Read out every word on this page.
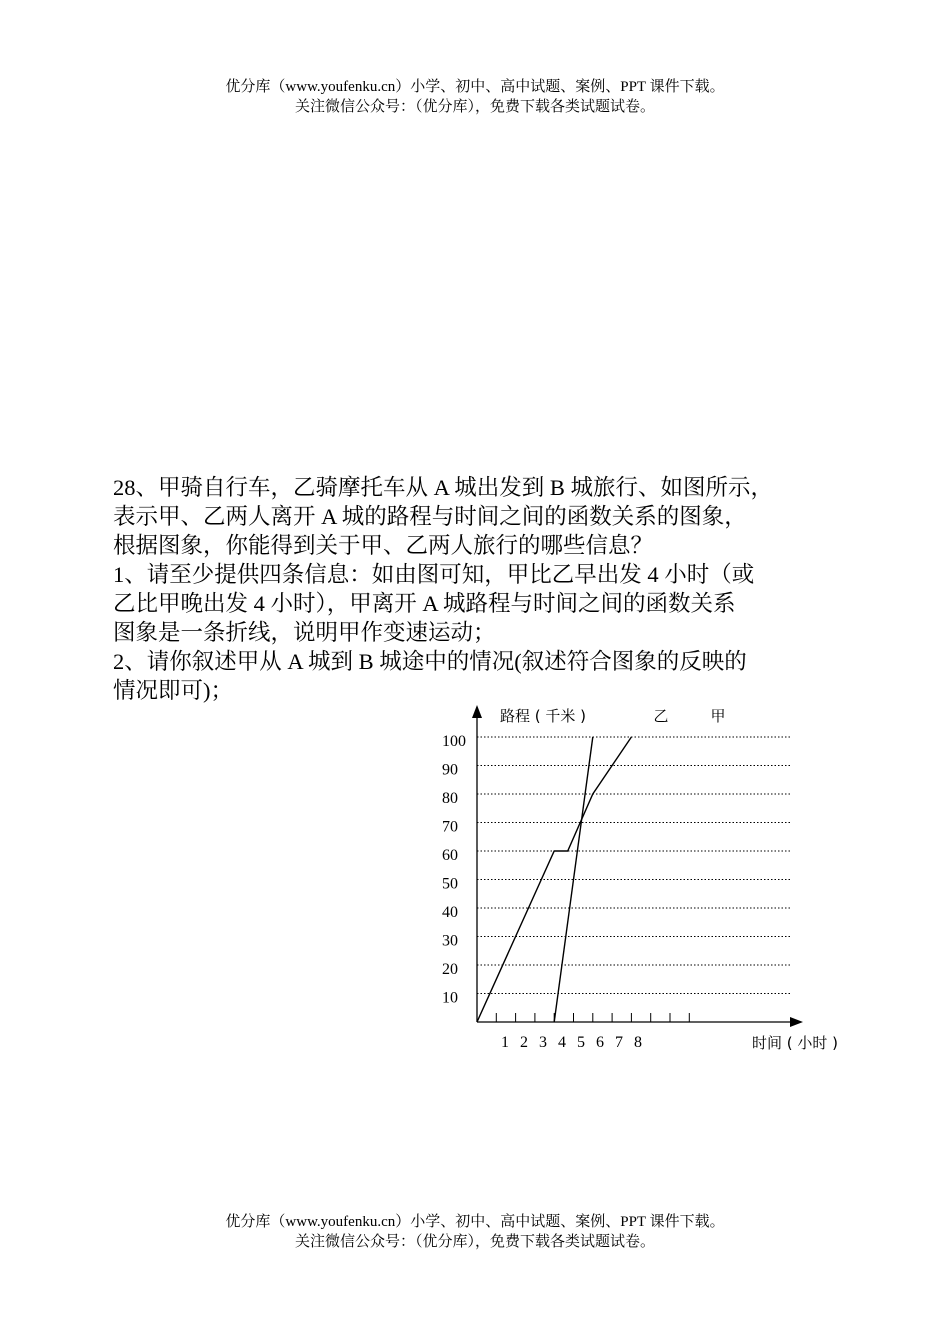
优分库（www.youfenku.cn）小学、初中、高中试题、案例、PPT 课件下载。
关注微信公众号：（优分库），免费下载各类试题试卷。

28、甲骑自行车，乙骑摩托车从 A 城出发到 B 城旅行、如图所示，

表示甲、乙两人离开 A 城的路程与时间之间的函数关系的图象，

根据图象，你能得到关于甲、乙两人旅行的哪些信息？

1、请至少提供四条信息：如由图可知，甲比乙早出发 4 小时（或

乙比甲晚出发 4 小时），甲离开 A 城路程与时间之间的函数关系

图象是一条折线，说明甲作变速运动；

2、请你叙述甲从 A 城到 B 城途中的情况(叙述符合图象的反映的

情况即可)；

100
90
80
70
60
50
40
30
20
10
1 2 3 4 5 6 7 8
路程 ( 千米 )
时间 ( 小时 )
甲
乙
优分库（www.youfenku.cn）小学、初中、高中试题、案例、PPT 课件下载。
关注微信公众号：（优分库），免费下载各类试题试卷。
